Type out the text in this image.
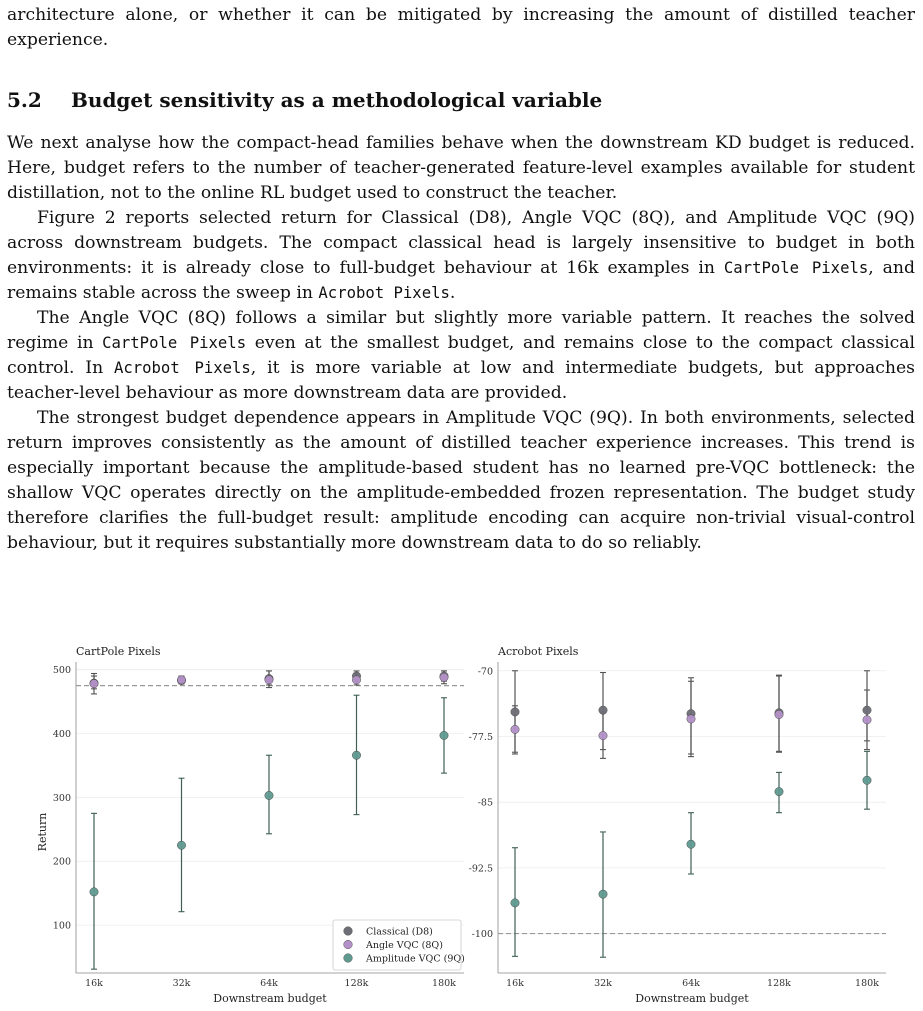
architecture alone, or whether it can be mitigated by increasing the amount of distilled teacher experience.

5.2 Budget sensitivity as a methodological variable

We next analyse how the compact-head families behave when the downstream KD budget is reduced. Here, budget refers to the number of teacher-generated feature-level examples available for student distillation, not to the online RL budget used to construct the teacher.

Figure 2 reports selected return for Classical (D8), Angle VQC (8Q), and Amplitude VQC (9Q) across downstream budgets. The compact classical head is largely insensitive to budget in both environments: it is already close to full-budget behaviour at 16k examples in CartPole Pixels, and remains stable across the sweep in Acrobot Pixels.

The Angle VQC (8Q) follows a similar but slightly more variable pattern. It reaches the solved regime in CartPole Pixels even at the smallest budget, and remains close to the compact classical control. In Acrobot Pixels, it is more variable at low and intermediate budgets, but approaches teacher-level behaviour as more downstream data are provided.

The strongest budget dependence appears in Amplitude VQC (9Q). In both environments, selected return improves consistently as the amount of distilled teacher experience increases. This trend is especially important because the amplitude-based student has no learned pre-VQC bottleneck: the shallow VQC operates directly on the amplitude-embedded frozen representation. The budget study therefore clarifies the full-budget result: amplitude encoding can acquire non-trivial visual-control behaviour, but it requires substantially more downstream data to do so reliably.

CartPole Pixels
Downstream budget
Return
100
200
300
400
500
16k	32k	64k	128k	180k
Acrobot Pixels
Downstream budget
-70
-77.5
-85
-92.5
-100
16k	32k	64k	128k	180k
Classical (D8)
Angle VQC (8Q)
Amplitude VQC (9Q)
